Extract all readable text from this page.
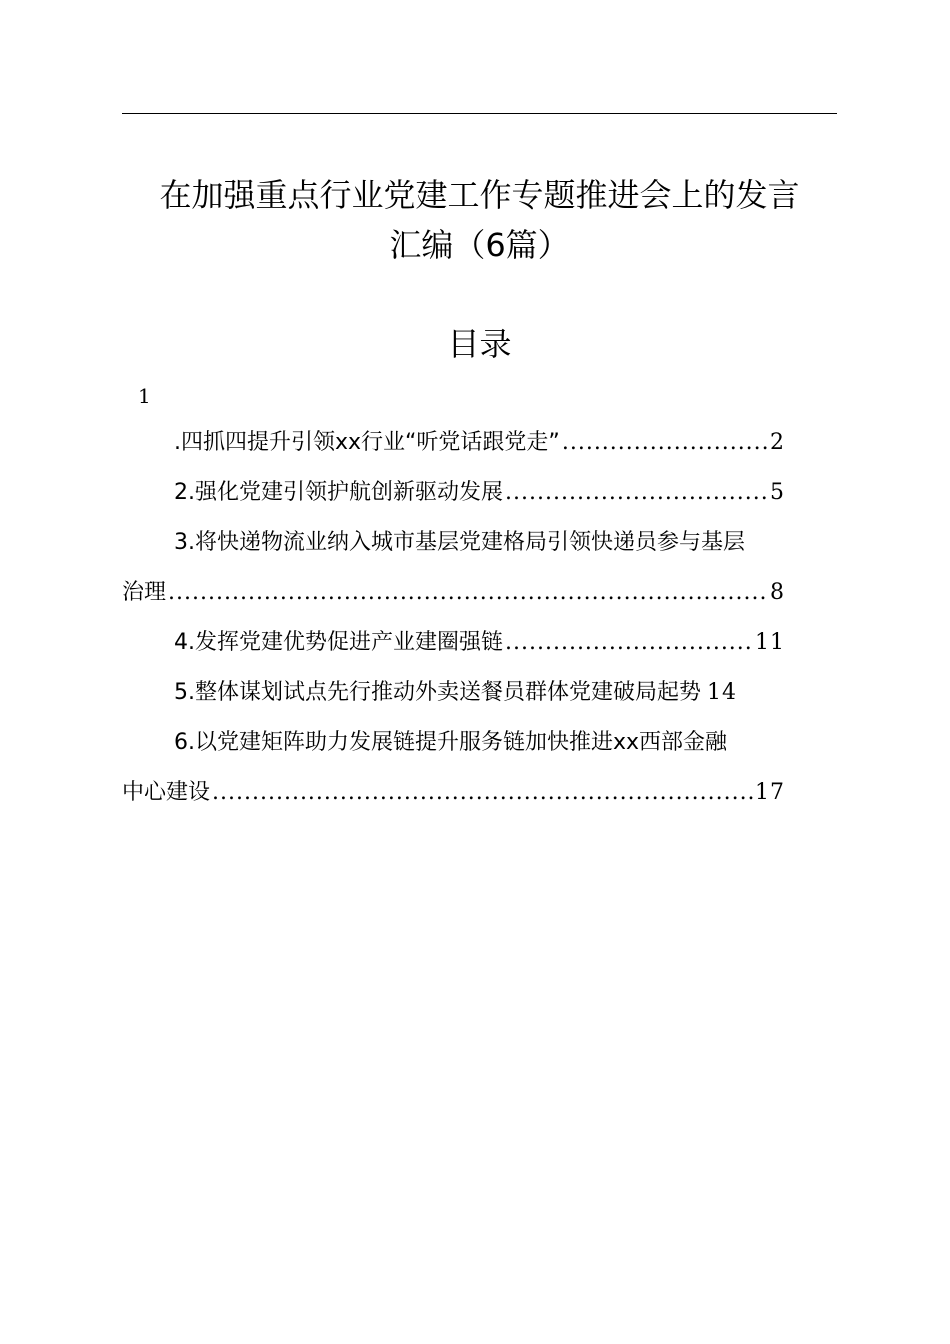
在加强重点行业党建工作专题推进会上的发言
汇编（6篇）
目录
1
.四抓四提升引领xx行业“听党话跟党走” .....	2
2.强化党建引领护航创新驱动发展 .....	5
3.将快递物流业纳入城市基层党建格局引领快递员参与基层
治理 .....	8
4.发挥党建优势促进产业建圈强链 .....	11
5.整体谋划试点先行推动外卖送餐员群体党建破局起势 14
6.以党建矩阵助力发展链提升服务链加快推进xx西部金融
中心建设 .....	17
